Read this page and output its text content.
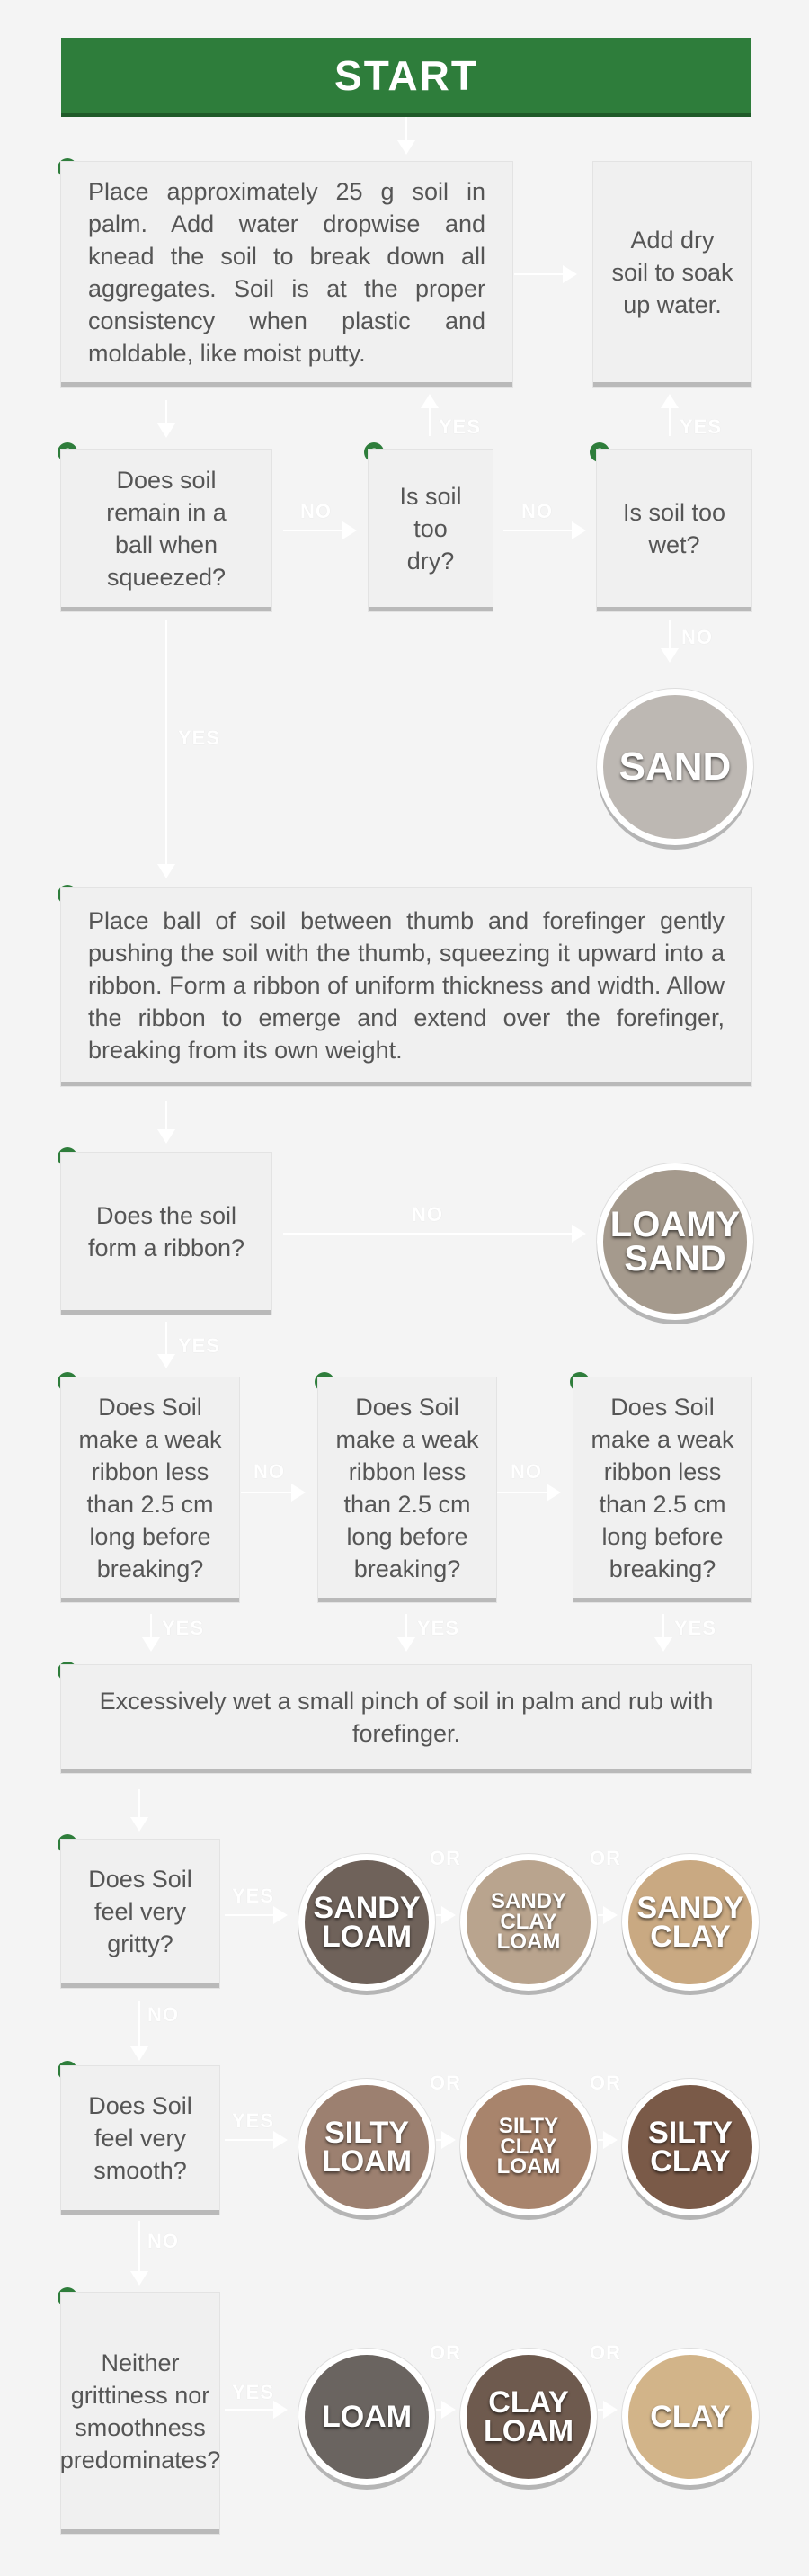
START
Place approximately 25 g soil in palm. Add water dropwise and knead the soil to break down all aggregates. Soil is at the proper consistency when plastic and moldable, like moist putty.
Add dry soil to soak up water.
Does soil remain in a ball when squeezed?
Is soil too dry?
Is soil too wet?
NO	NO
YES	YES
NO
YES
SAND
Place ball of soil between thumb and forefinger gently pushing the soil with the thumb, squeezing it upward into a ribbon. Form a ribbon of uniform thickness and width. Allow the ribbon to emerge and extend over the forefinger, breaking from its own weight.
Does the soil form a ribbon?
NO	LOAMY
SAND
YES
Does Soil make a weak ribbon less than 2.5 cm long before breaking?
Does Soil make a weak ribbon less than 2.5 cm long before breaking?
Does Soil make a weak ribbon less than 2.5 cm long before breaking?
NO	NO
YES	YES	YES
Excessively wet a small pinch of soil in palm and rub with forefinger.
Does Soil feel very gritty?
YES
OR	OR
SANDY
LOAM
SANDY
CLAY
LOAM
SANDY
CLAY
NO
Does Soil feel very smooth?
YES
OR	OR
SILTY
LOAM
SILTY
CLAY
LOAM
SILTY
CLAY
NO
Neither grittiness nor smoothness predominates?
YES
OR	OR
LOAM	CLAY
LOAM	CLAY
